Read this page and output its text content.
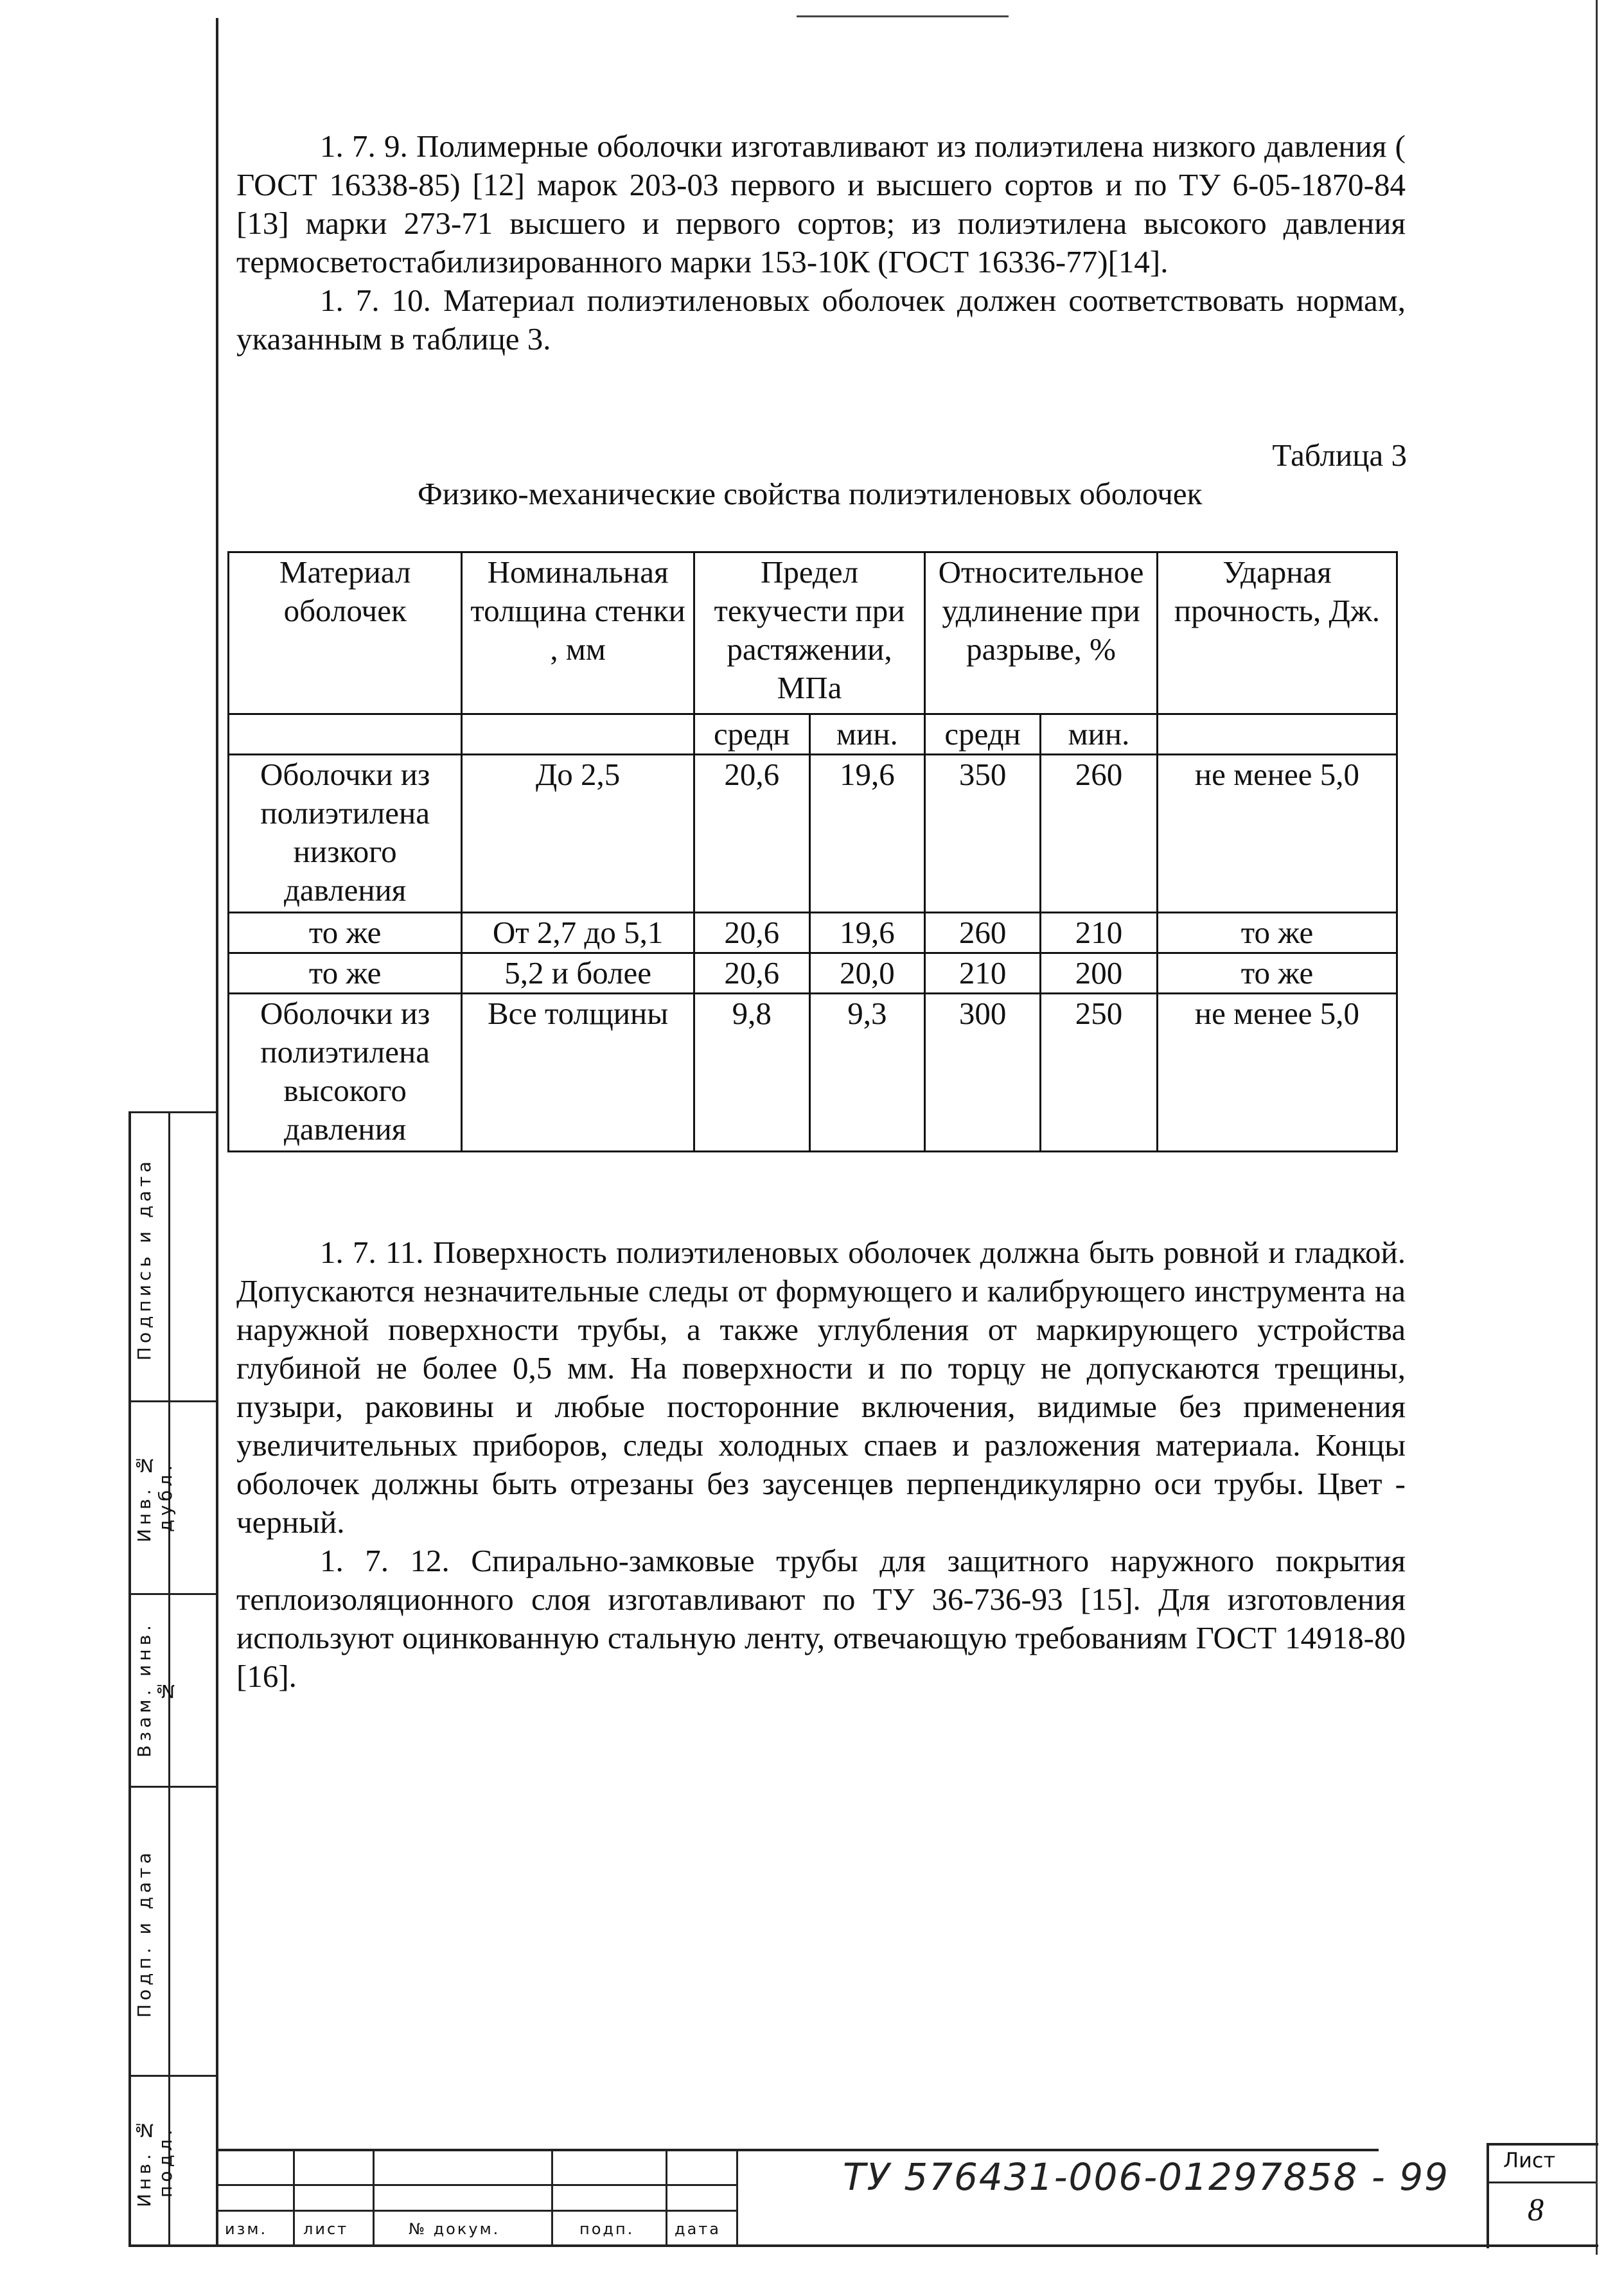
1. 7. 9. Полимерные оболочки изготавливают из полиэтилена низкого давления ( ГОСТ 16338-85) [12] марок 203-03 первого и высшего сортов и по ТУ 6-05-1870-84 [13] марки 273-71 высшего и первого сортов; из полиэтилена высокого давления термосветостабилизированного марки 153-10К (ГОСТ 16336-77)[14].

1. 7. 10. Материал полиэтиленовых оболочек должен соответствовать нормам, указанным в таблице 3.

Таблица 3
Физико-механические свойства полиэтиленовых оболочек
Материал оболочек	Номинальная толщина стенки , мм	Предел текучести при растяжении, МПа		Относительное удлинение при разрыве, %		Ударная прочность, Дж.
		средн	мин.	средн	мин.	
Оболочки из полиэтилена низкого давления	До 2,5	20,6	19,6	350	260	не менее 5,0
то же	От 2,7 до 5,1	20,6	19,6	260	210	то же
то же	5,2 и более	20,6	20,0	210	200	то же
Оболочки из полиэтилена высокого давления	Все толщины	9,8	9,3	300	250	не менее 5,0

1. 7. 11. Поверхность полиэтиленовых оболочек должна быть ровной и гладкой. Допускаются незначительные следы от формующего и калибрующего инструмента на наружной поверхности трубы, а также углубления от маркирующего устройства глубиной не более 0,5 мм. На поверхности и по торцу не допускаются трещины, пузыри, раковины и любые посторонние включения, видимые без применения увеличительных приборов, следы холодных спаев и разложения материала. Концы оболочек должны быть отрезаны без заусенцев перпендикулярно оси трубы. Цвет - черный.

1. 7. 12. Спирально-замковые трубы для защитного наружного покрытия теплоизоляционного слоя изготавливают по ТУ 36-736-93 [15]. Для изготовления используют оцинкованную стальную ленту, отвечающую требованиям ГОСТ 14918-80 [16].

Подпись и дата
Инв. № дубл.
Взам. инв. №
Подп. и дата
Инв. № подл.
изм. лист	№ докум.	подп.	дата
ТУ 576431-006-01297858 - 99	Лист
8
